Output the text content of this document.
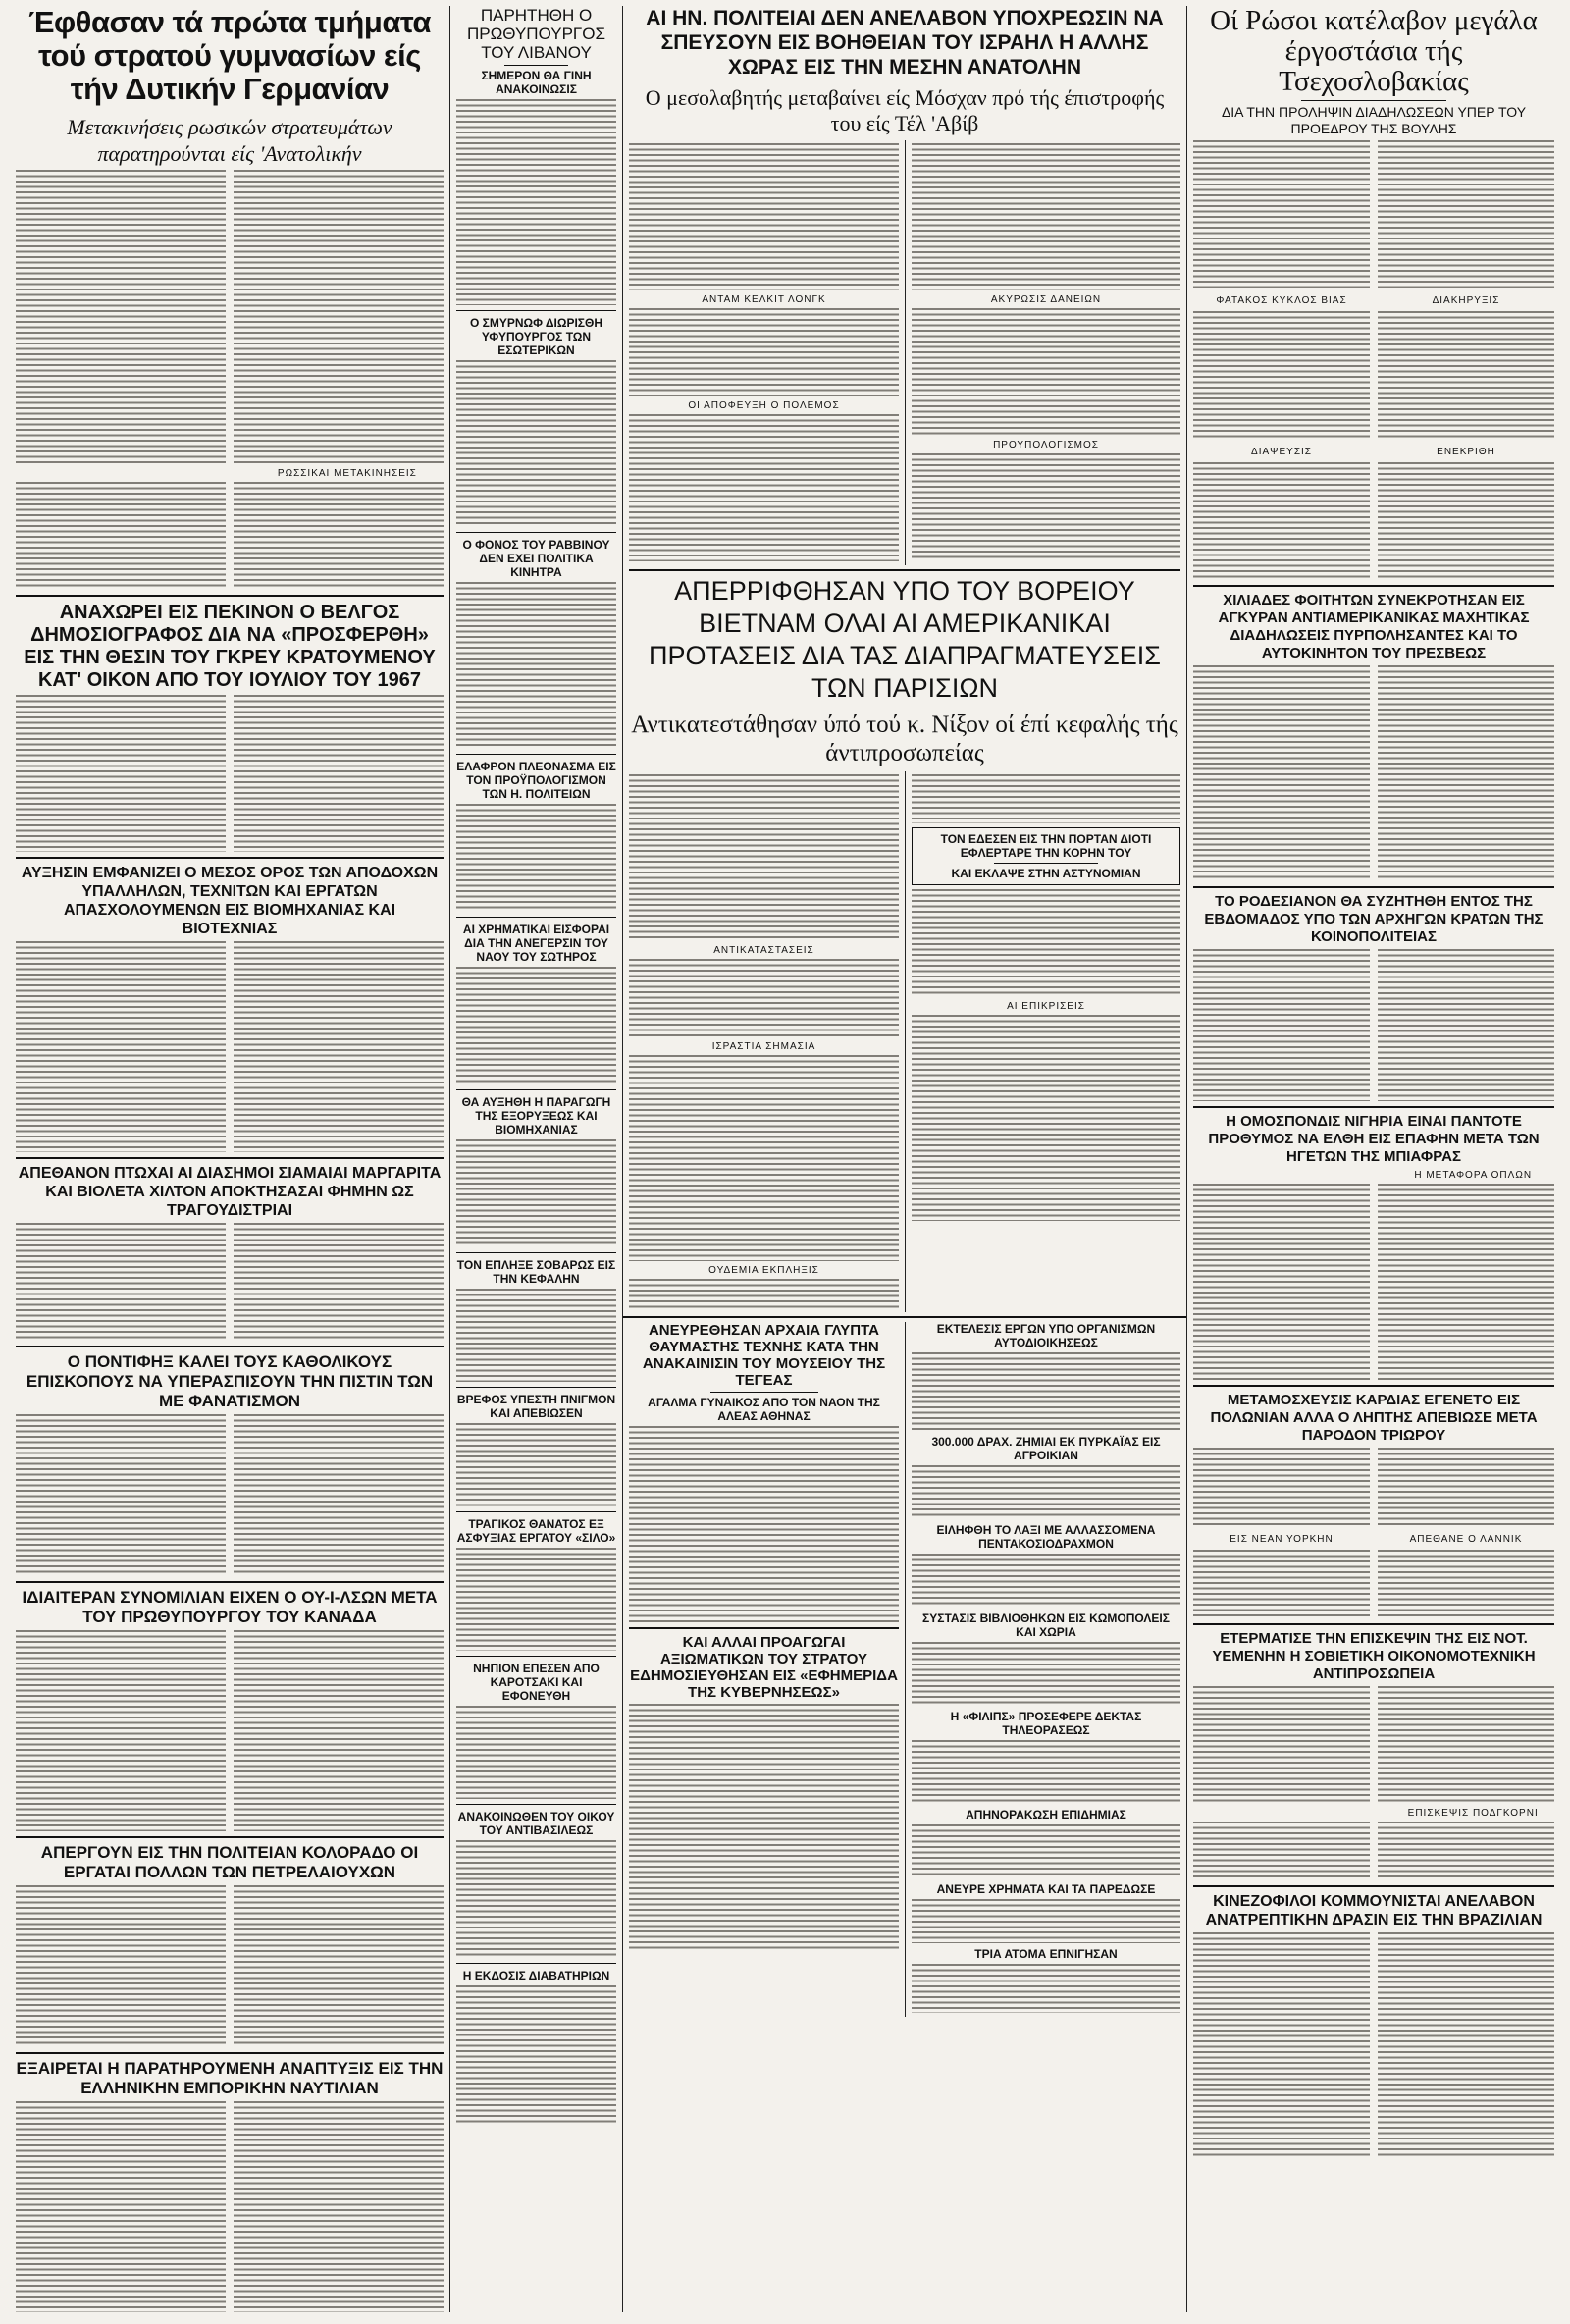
Έφθασαν τά πρώτα τμήματα τού στρατού γυμνασίων είς τήν Δυτικήν Γερμανίαν
Μετακινήσεις ρωσικών στρατευμάτων παρατηρούνται είς 'Ανατολικήν
ΡΩΣΣΙΚΑΙ ΜΕΤΑΚΙΝΗΣΕΙΣ
ΑΝΑΧΩΡΕΙ ΕΙΣ ΠΕΚΙΝΟΝ Ο ΒΕΛΓΟΣ ΔΗΜΟΣΙΟΓΡΑΦΟΣ ΔΙΑ ΝΑ «ΠΡΟΣΦΕΡΘΗ» ΕΙΣ ΤΗΝ ΘΕΣΙΝ ΤΟΥ ΓΚΡΕΥ ΚΡΑΤΟΥΜΕΝΟΥ ΚΑΤ' ΟΙΚΟΝ ΑΠΟ ΤΟΥ ΙΟΥΛΙΟΥ ΤΟΥ 1967
ΑΥΞΗΣΙΝ ΕΜΦΑΝΙΖΕΙ Ο ΜΕΣΟΣ ΟΡΟΣ ΤΩΝ ΑΠΟΔΟΧΩΝ ΥΠΑΛΛΗΛΩΝ, ΤΕΧΝΙΤΩΝ ΚΑΙ ΕΡΓΑΤΩΝ ΑΠΑΣΧΟΛΟΥΜΕΝΩΝ ΕΙΣ ΒΙΟΜΗΧΑΝΙΑΣ ΚΑΙ ΒΙΟΤΕΧΝΙΑΣ
ΑΠΕΘΑΝΟΝ ΠΤΩΧΑΙ ΑΙ ΔΙΑΣΗΜΟΙ ΣΙΑΜΑΙΑΙ ΜΑΡΓΑΡΙΤΑ ΚΑΙ ΒΙΟΛΕΤΑ ΧΙΛΤΟΝ ΑΠΟΚΤΗΣΑΣΑΙ ΦΗΜΗΝ ΩΣ ΤΡΑΓΟΥΔΙΣΤΡΙΑΙ
Ο ΠΟΝΤΙΦΗΞ ΚΑΛΕΙ ΤΟΥΣ ΚΑΘΟΛΙΚΟΥΣ ΕΠΙΣΚΟΠΟΥΣ ΝΑ ΥΠΕΡΑΣΠΙΣΟΥΝ ΤΗΝ ΠΙΣΤΙΝ ΤΩΝ ΜΕ ΦΑΝΑΤΙΣΜΟΝ
ΙΔΙΑΙΤΕΡΑΝ ΣΥΝΟΜΙΛΙΑΝ ΕΙΧΕΝ Ο ΟΥ-Ι-ΛΣΩΝ ΜΕΤΑ ΤΟΥ ΠΡΩΘΥΠΟΥΡΓΟΥ ΤΟΥ ΚΑΝΑΔΑ
ΑΠΕΡΓΟΥΝ ΕΙΣ ΤΗΝ ΠΟΛΙΤΕΙΑΝ ΚΟΛΟΡΑΔΟ ΟΙ ΕΡΓΑΤΑΙ ΠΟΛΛΩΝ ΤΩΝ ΠΕΤΡΕΛΑΙΟΥΧΩΝ
ΕΞΑΙΡΕΤΑΙ Η ΠΑΡΑΤΗΡΟΥΜΕΝΗ ΑΝΑΠΤΥΞΙΣ ΕΙΣ ΤΗΝ ΕΛΛΗΝΙΚΗΝ ΕΜΠΟΡΙΚΗΝ ΝΑΥΤΙΛΙΑΝ
ΠΑΡΗΤΗΘΗ Ο ΠΡΩΘΥΠΟΥΡΓΟΣ ΤΟΥ ΛΙΒΑΝΟΥ
ΣΗΜΕΡΟΝ ΘΑ ΓΙΝΗ ΑΝΑΚΟΙΝΩΣΙΣ
Ο ΣΜΥΡΝΩΦ ΔΙΩΡΙΣΘΗ ΥΦΥΠΟΥΡΓΟΣ ΤΩΝ ΕΣΩΤΕΡΙΚΩΝ
Ο ΦΟΝΟΣ ΤΟΥ ΡΑΒΒΙΝΟΥ ΔΕΝ ΕΧΕΙ ΠΟΛΙΤΙΚΑ ΚΙΝΗΤΡΑ
ΕΛΑΦΡΟΝ ΠΛΕΟΝΑΣΜΑ ΕΙΣ ΤΟΝ ΠΡΟΫΠΟΛΟΓΙΣΜΟΝ ΤΩΝ Η. ΠΟΛΙΤΕΙΩΝ
ΑΙ ΧΡΗΜΑΤΙΚΑΙ ΕΙΣΦΟΡΑΙ ΔΙΑ ΤΗΝ ΑΝΕΓΕΡΣΙΝ ΤΟΥ ΝΑΟΥ ΤΟΥ ΣΩΤΗΡΟΣ
ΘΑ ΑΥΞΗΘΗ Η ΠΑΡΑΓΩΓΗ ΤΗΣ ΕΞΟΡΥΞΕΩΣ ΚΑΙ ΒΙΟΜΗΧΑΝΙΑΣ
ΤΟΝ ΕΠΛΗΞΕ ΣΟΒΑΡΩΣ ΕΙΣ ΤΗΝ ΚΕΦΑΛΗΝ
ΒΡΕΦΟΣ ΥΠΕΣΤΗ ΠΝΙΓΜΟΝ ΚΑΙ ΑΠΕΒΙΩΣΕΝ
ΤΡΑΓΙΚΟΣ ΘΑΝΑΤΟΣ ΕΞ ΑΣΦΥΞΙΑΣ ΕΡΓΑΤΟΥ «ΣΙΛΟ»
ΝΗΠΙΟΝ ΕΠΕΣΕΝ ΑΠΟ ΚΑΡΟΤΣΑΚΙ ΚΑΙ ΕΦΟΝΕΥΘΗ
ΑΝΑΚΟΙΝΩΘΕΝ ΤΟΥ ΟΙΚΟΥ ΤΟΥ ΑΝΤΙΒΑΣΙΛΕΩΣ
Η ΕΚΔΟΣΙΣ ΔΙΑΒΑΤΗΡΙΩΝ
ΑΙ ΗΝ. ΠΟΛΙΤΕΙΑΙ ΔΕΝ ΑΝΕΛΑΒΟΝ ΥΠΟΧΡΕΩΣΙΝ ΝΑ ΣΠΕΥΣΟΥΝ ΕΙΣ ΒΟΗΘΕΙΑΝ ΤΟΥ ΙΣΡΑΗΛ Η ΑΛΛΗΣ ΧΩΡΑΣ ΕΙΣ ΤΗΝ ΜΕΣΗΝ ΑΝΑΤΟΛΗΝ
Ο μεσολαβητής μεταβαίνει είς Μόσχαν πρό τής έπιστροφής του είς Τέλ 'Αβίβ
ΑΝΤΑΜ ΚΕΛΚΙΤ ΛΟΝΓΚ
ΟΙ ΑΠΟΦΕΥΞΗ Ο ΠΟΛΕΜΟΣ
ΑΚΥΡΩΣΙΣ ΔΑΝΕΙΩΝ
ΠΡΟΥΠΟΛΟΓΙΣΜΟΣ
ΑΠΕΡΡΙΦΘΗΣΑΝ ΥΠΟ ΤΟΥ ΒΟΡΕΙΟΥ ΒΙΕΤΝΑΜ ΟΛΑΙ ΑΙ ΑΜΕΡΙΚΑΝΙΚΑΙ ΠΡΟΤΑΣΕΙΣ ΔΙΑ ΤΑΣ ΔΙΑΠΡΑΓΜΑΤΕΥΣΕΙΣ ΤΩΝ ΠΑΡΙΣΙΩΝ
Αντικατεστάθησαν ύπό τού κ. Νίξον οί έπί κεφαλής τής άντιπροσωπείας
ΑΝΤΙΚΑΤΑΣΤΑΣΕΙΣ
ΙΣΡΑΣΤΙΑ ΣΗΜΑΣΙΑ
ΟΥΔΕΜΙΑ ΕΚΠΛΗΞΙΣ
ΤΟΝ ΕΔΕΣΕΝ ΕΙΣ ΤΗΝ ΠΟΡΤΑΝ ΔΙΟΤΙ ΕΦΛΕΡΤΑΡΕ ΤΗΝ ΚΟΡΗΝ ΤΟΥ
ΚΑΙ ΕΚΛΑΨΕ ΣΤΗΝ ΑΣΤΥΝΟΜΙΑΝ
ΑΙ ΕΠΙΚΡΙΣΕΙΣ
ΑΝΕΥΡΕΘΗΣΑΝ ΑΡΧΑΙΑ ΓΛΥΠΤΑ ΘΑΥΜΑΣΤΗΣ ΤΕΧΝΗΣ ΚΑΤΑ ΤΗΝ ΑΝΑΚΑΙΝΙΣΙΝ ΤΟΥ ΜΟΥΣΕΙΟΥ ΤΗΣ ΤΕΓΕΑΣ
ΑΓΑΛΜΑ ΓΥΝΑΙΚΟΣ ΑΠΟ ΤΟΝ ΝΑΟΝ ΤΗΣ ΑΛΕΑΣ ΑΘΗΝΑΣ
ΚΑΙ ΑΛΛΑΙ ΠΡΟΑΓΩΓΑΙ ΑΞΙΩΜΑΤΙΚΩΝ ΤΟΥ ΣΤΡΑΤΟΥ ΕΔΗΜΟΣΙΕΥΘΗΣΑΝ ΕΙΣ «ΕΦΗΜΕΡΙΔΑ ΤΗΣ ΚΥΒΕΡΝΗΣΕΩΣ»
ΕΚΤΕΛΕΣΙΣ ΕΡΓΩΝ ΥΠΟ ΟΡΓΑΝΙΣΜΩΝ ΑΥΤΟΔΙΟΙΚΗΣΕΩΣ
300.000 ΔΡΑΧ. ΖΗΜΙΑΙ ΕΚ ΠΥΡΚΑΪΑΣ ΕΙΣ ΑΓΡΟΙΚΙΑΝ
ΕΙΛΗΦΘΗ ΤΟ ΛΑΞΙ ΜΕ ΑΛΛΑΣΣΟΜΕΝΑ ΠΕΝΤΑΚΟΣΙΟΔΡΑΧΜΟΝ
ΣΥΣΤΑΣΙΣ ΒΙΒΛΙΟΘΗΚΩΝ ΕΙΣ ΚΩΜΟΠΟΛΕΙΣ ΚΑΙ ΧΩΡΙΑ
Η «ΦΙΛΙΠΣ» ΠΡΟΣΕΦΕΡΕ ΔΕΚΤΑΣ ΤΗΛΕΟΡΑΣΕΩΣ
ΑΠΗΝΟΡΑΚΩΣΗ ΕΠΙΔΗΜΙΑΣ
ΑΝΕΥΡΕ ΧΡΗΜΑΤΑ ΚΑΙ ΤΑ ΠΑΡΕΔΩΣΕ
ΤΡΙΑ ΑΤΟΜΑ ΕΠΝΙΓΗΣΑΝ
Οί Ρώσοι κατέλαβον μεγάλα έργοστάσια τής Τσεχοσλοβακίας
ΔΙΑ ΤΗΝ ΠΡΟΛΗΨΙΝ ΔΙΑΔΗΛΩΣΕΩΝ ΥΠΕΡ ΤΟΥ ΠΡΟΕΔΡΟΥ ΤΗΣ ΒΟΥΛΗΣ
ΦΑΤΑΚΟΣ ΚΥΚΛΟΣ ΒΙΑΣ	ΔΙΑΚΗΡΥΞΙΣ
ΔΙΑΨΕΥΣΙΣ	ΕΝΕΚΡΙΘΗ
ΧΙΛΙΑΔΕΣ ΦΟΙΤΗΤΩΝ ΣΥΝΕΚΡΟΤΗΣΑΝ ΕΙΣ ΑΓΚΥΡΑΝ ΑΝΤΙΑΜΕΡΙΚΑΝΙΚΑΣ ΜΑΧΗΤΙΚΑΣ ΔΙΑΔΗΛΩΣΕΙΣ ΠΥΡΠΟΛΗΣΑΝΤΕΣ ΚΑΙ ΤΟ ΑΥΤΟΚΙΝΗΤΟΝ ΤΟΥ ΠΡΕΣΒΕΩΣ
ΤΟ ΡΟΔΕΣΙΑΝΟΝ ΘΑ ΣΥΖΗΤΗΘΗ ΕΝΤΟΣ ΤΗΣ ΕΒΔΟΜΑΔΟΣ ΥΠΟ ΤΩΝ ΑΡΧΗΓΩΝ ΚΡΑΤΩΝ ΤΗΣ ΚΟΙΝΟΠΟΛΙΤΕΙΑΣ
Η ΟΜΟΣΠΟΝΔΙΣ ΝΙΓΗΡΙΑ ΕΙΝΑΙ ΠΑΝΤΟΤΕ ΠΡΟΘΥΜΟΣ ΝΑ ΕΛΘΗ ΕΙΣ ΕΠΑΦΗΝ ΜΕΤΑ ΤΩΝ ΗΓΕΤΩΝ ΤΗΣ ΜΠΙΑΦΡΑΣ
Η ΜΕΤΑΦΟΡΑ ΟΠΛΩΝ
ΜΕΤΑΜΟΣΧΕΥΣΙΣ ΚΑΡΔΙΑΣ ΕΓΕΝΕΤΟ ΕΙΣ ΠΟΛΩΝΙΑΝ ΑΛΛΑ Ο ΛΗΠΤΗΣ ΑΠΕΒΙΩΣΕ ΜΕΤΑ ΠΑΡΟΔΟΝ ΤΡΙΩΡΟΥ
ΕΙΣ ΝΕΑΝ ΥΟΡΚΗΝ	ΑΠΕΘΑΝΕ Ο ΛΑΝΝΙΚ
ΕΤΕΡΜΑΤΙΣΕ ΤΗΝ ΕΠΙΣΚΕΨΙΝ ΤΗΣ ΕΙΣ ΝΟΤ. ΥΕΜΕΝΗΝ Η ΣΟΒΙΕΤΙΚΗ ΟΙΚΟΝΟΜΟΤΕΧΝΙΚΗ ΑΝΤΙΠΡΟΣΩΠΕΙΑ
ΕΠΙΣΚΕΨΙΣ ΠΟΔΓΚΟΡΝΙ
ΚΙΝΕΖΟΦΙΛΟΙ ΚΟΜΜΟΥΝΙΣΤΑΙ ΑΝΕΛΑΒΟΝ ΑΝΑΤΡΕΠΤΙΚΗΝ ΔΡΑΣΙΝ ΕΙΣ ΤΗΝ ΒΡΑΖΙΛΙΑΝ
